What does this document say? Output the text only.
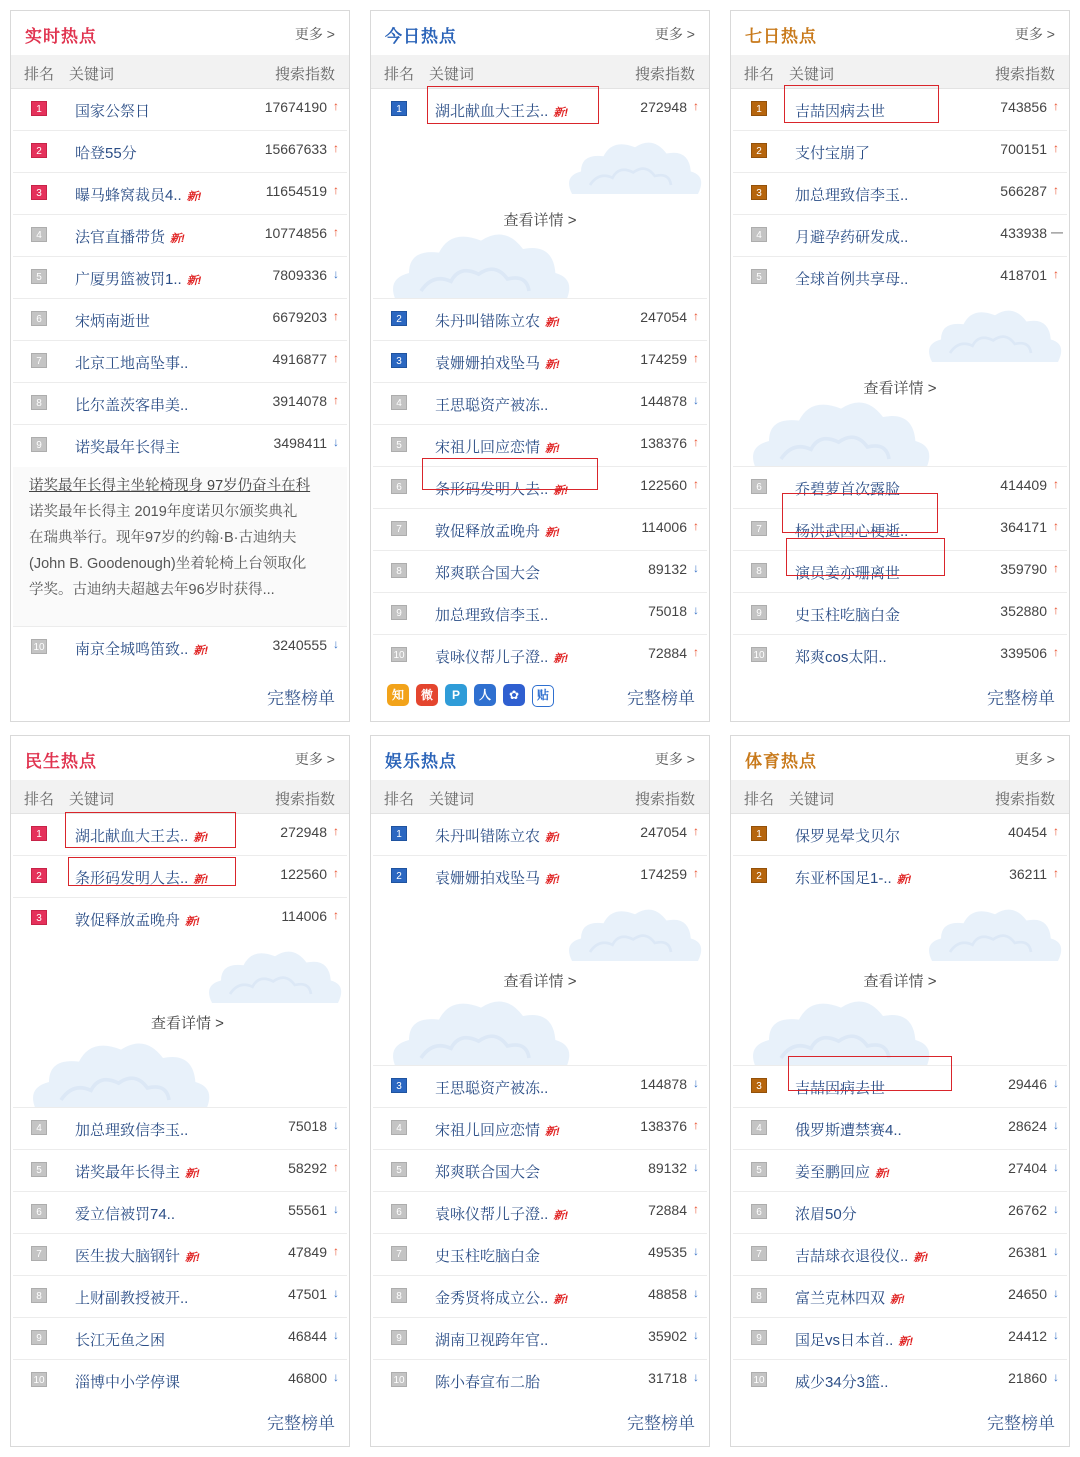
实时热点	更多 >
排名 关键词	搜索指数
1	国家公祭日	17674190 ↑
2	哈登55分	15667633 ↑
3	曝马蜂窝裁员4.. 新!	11654519 ↑
4	法官直播带货 新!	10774856 ↑
5	广厦男篮被罚1.. 新!	7809336 ↓
6	宋炳南逝世	6679203 ↑
7	北京工地高坠事..	4916877 ↑
8	比尔盖茨客串美..	3914078 ↑
9	诺奖最年长得主	3498411 ↓
诺奖最年长得主坐轮椅现身 97岁仍奋斗在科
诺奖最年长得主 2019年度诺贝尔颁奖典礼
在瑞典举行。现年97岁的约翰·B·古迪纳夫
(John B. Goodenough)坐着轮椅上台领取化
学奖。古迪纳夫超越去年96岁时获得...
10 南京全城鸣笛致.. 新!	3240555 ↓
完整榜单
今日热点	更多 >
排名 关键词	搜索指数
1	湖北献血大王去.. 新!	272948 ↑
查看详情 >
2	朱丹叫错陈立农 新!	247054 ↑
3	袁姗姗拍戏坠马 新!	174259 ↑
4	王思聪资产被冻..	144878 ↓
5	宋祖儿回应恋情 新!	138376 ↑
6	条形码发明人去.. 新!	122560 ↑
7	敦促释放孟晚舟 新!	114006 ↑
8	郑爽联合国大会	89132 ↓
9	加总理致信李玉..	75018 ↓
10 袁咏仪帮儿子澄.. 新!	72884 ↑
知 微 P 人 ✿ 贴	完整榜单
七日热点	更多 >
排名 关键词	搜索指数
1	吉喆因病去世	743856 ↑
2	支付宝崩了	700151 ↑
3	加总理致信李玉..	566287 ↑
4	月避孕药研发成..	433938 —
5	全球首例共享母..	418701 ↑
查看详情 >
6	乔碧萝首次露脸	414409 ↑
7	杨洪武因心梗逝..	364171 ↑
8	演员姜亦珊离世	359790 ↑
9	史玉柱吃脑白金	352880 ↑
10 郑爽cos太阳..	339506 ↑
完整榜单
民生热点	更多 >
排名 关键词	搜索指数
1	湖北献血大王去.. 新!	272948 ↑
2	条形码发明人去.. 新!	122560 ↑
3	敦促释放孟晚舟 新!	114006 ↑
查看详情 >
4	加总理致信李玉..	75018 ↓
5	诺奖最年长得主 新!	58292 ↑
6	爱立信被罚74..	55561 ↓
7	医生拔大脑钢针 新!	47849 ↑
8	上财副教授被开..	47501 ↓
9	长江无鱼之困	46844 ↓
10 淄博中小学停课	46800 ↓
完整榜单
娱乐热点	更多 >
排名 关键词	搜索指数
1	朱丹叫错陈立农 新!	247054 ↑
2	袁姗姗拍戏坠马 新!	174259 ↑
查看详情 >
3	王思聪资产被冻..	144878 ↓
4	宋祖儿回应恋情 新!	138376 ↑
5	郑爽联合国大会	89132 ↓
6	袁咏仪帮儿子澄.. 新!	72884 ↑
7	史玉柱吃脑白金	49535 ↓
8	金秀贤将成立公.. 新!	48858 ↓
9	湖南卫视跨年官..	35902 ↓
10 陈小春宣布二胎	31718 ↓
完整榜单
体育热点	更多 >
排名 关键词	搜索指数
1	保罗晃晕戈贝尔	40454 ↑
2	东亚杯国足1-.. 新!	36211 ↑
查看详情 >
3	吉喆因病去世	29446 ↓
4	俄罗斯遭禁赛4..	28624 ↓
5	姜至鹏回应 新!	27404 ↓
6	浓眉50分	26762 ↓
7	吉喆球衣退役仪.. 新!	26381 ↓
8	富兰克林四双 新!	24650 ↓
9	国足vs日本首.. 新!	24412 ↓
10 威少34分3篮..	21860 ↓
完整榜单
